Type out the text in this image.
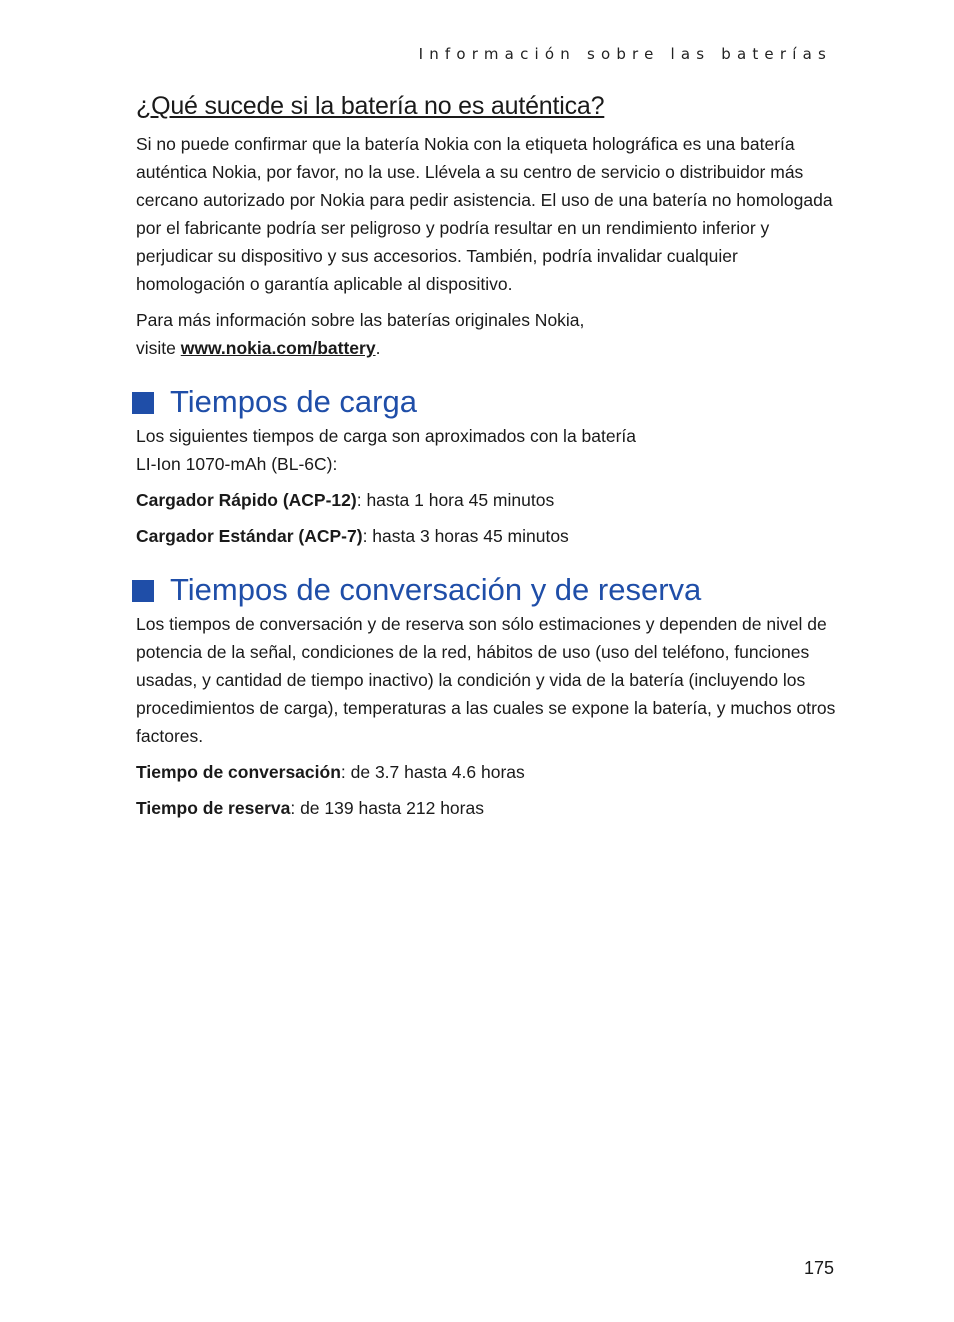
Información sobre las baterías
¿Qué sucede si la batería no es auténtica?

Si no puede confirmar que la batería Nokia con la etiqueta holográfica es una batería auténtica Nokia, por favor, no la use. Llévela a su centro de servicio o distribuidor más cercano autorizado por Nokia para pedir asistencia. El uso de una batería no homologada por el fabricante podría ser peligroso y podría resultar en un rendimiento inferior y perjudicar su dispositivo y sus accesorios. También, podría invalidar cualquier homologación o garantía aplicable al dispositivo.

Para más información sobre las baterías originales Nokia,
visite www.nokia.com/battery.

Tiempos de carga

Los siguientes tiempos de carga son aproximados con la batería
LI-Ion 1070-mAh (BL-6C):

Cargador Rápido (ACP-12): hasta 1 hora 45 minutos

Cargador Estándar (ACP-7): hasta 3 horas 45 minutos

Tiempos de conversación y de reserva

Los tiempos de conversación y de reserva son sólo estimaciones y dependen de nivel de potencia de la señal, condiciones de la red, hábitos de uso (uso del teléfono, funciones usadas, y cantidad de tiempo inactivo) la condición y vida de la batería (incluyendo los procedimientos de carga), temperaturas a las cuales se expone la batería, y muchos otros factores.

Tiempo de conversación: de 3.7 hasta 4.6 horas

Tiempo de reserva: de 139 hasta 212 horas

175
